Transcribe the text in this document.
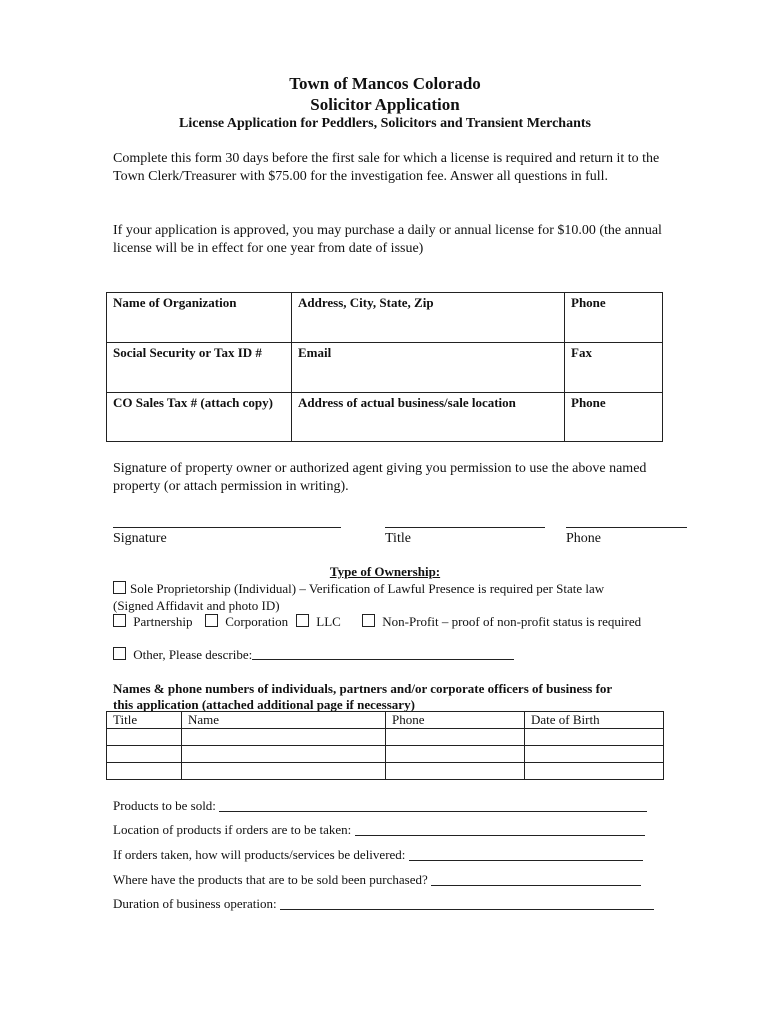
Town of Mancos Colorado
Solicitor Application
License Application for Peddlers, Solicitors and Transient Merchants
Complete this form 30 days before the first sale for which a license is required and return it to the Town Clerk/Treasurer with $75.00 for the investigation fee. Answer all questions in full.
If your application is approved, you may purchase a daily or annual license for $10.00 (the annual license will be in effect for one year from date of issue)
Name of Organization	Address, City, State, Zip	Phone
Social Security or Tax ID #	Email	Fax
CO Sales Tax # (attach copy)	Address of actual business/sale location	Phone
Signature of property owner or authorized agent giving you permission to use the above named property (or attach permission in writing).
Signature	Title	Phone
Type of Ownership:
Sole Proprietorship (Individual) – Verification of Lawful Presence is required per State law
(Signed Affidavit and photo ID)
Partnership	Corporation	LLC	Non-Profit – proof of non-profit status is required
Other, Please describe:
Names & phone numbers of individuals, partners and/or corporate officers of business for
this application (attached additional page if necessary)
Title	Name	Phone	Date of Birth

Products to be sold:
Location of products if orders are to be taken:
If orders taken, how will products/services be delivered:
Where have the products that are to be sold been purchased?
Duration of business operation:
